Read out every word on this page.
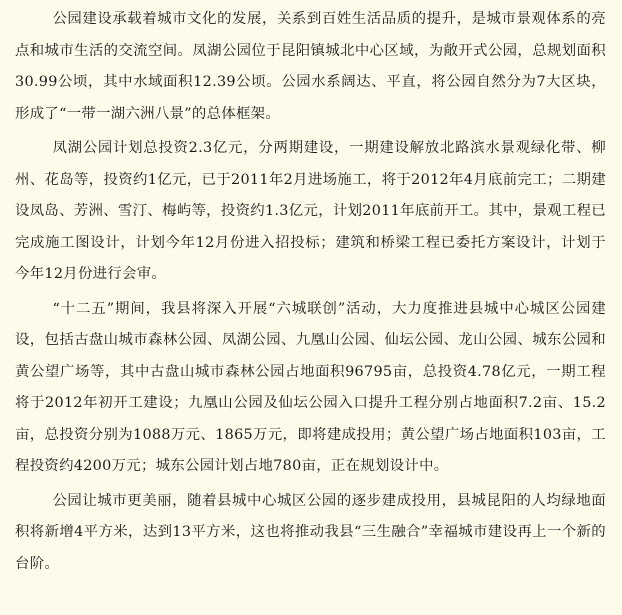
公园建设承载着城市文化的发展，关系到百姓生活品质的提升，是城市景观体系的亮点和城市生活的交流空间。凤湖公园位于昆阳镇城北中心区域，为敞开式公园，总规划面积30.99公顷，其中水域面积12.39公顷。公园水系阔达、平直，将公园自然分为7大区块，形成了“一带一湖六洲八景”的总体框架。

凤湖公园计划总投资2.3亿元，分两期建设，一期建设解放北路滨水景观绿化带、柳州、花岛等，投资约1亿元，已于2011年2月进场施工，将于2012年4月底前完工；二期建设凤岛、芳洲、雪汀、梅屿等，投资约1.3亿元，计划2011年底前开工。其中，景观工程已完成施工图设计，计划今年12月份进入招投标；建筑和桥梁工程已委托方案设计，计划于今年12月份进行会审。

“十二五”期间，我县将深入开展“六城联创”活动，大力度推进县城中心城区公园建设，包括古盘山城市森林公园、凤湖公园、九凰山公园、仙坛公园、龙山公园、城东公园和黄公望广场等，其中古盘山城市森林公园占地面积96795亩，总投资4.78亿元，一期工程将于2012年初开工建设；九凰山公园及仙坛公园入口提升工程分别占地面积7.2亩、15.2亩，总投资分别为1088万元、1865万元，即将建成投用；黄公望广场占地面积103亩，工程投资约4200万元；城东公园计划占地780亩，正在规划设计中。

公园让城市更美丽，随着县城中心城区公园的逐步建成投用，县城昆阳的人均绿地面积将新增4平方米，达到13平方米，这也将推动我县“三生融合”幸福城市建设再上一个新的台阶。
